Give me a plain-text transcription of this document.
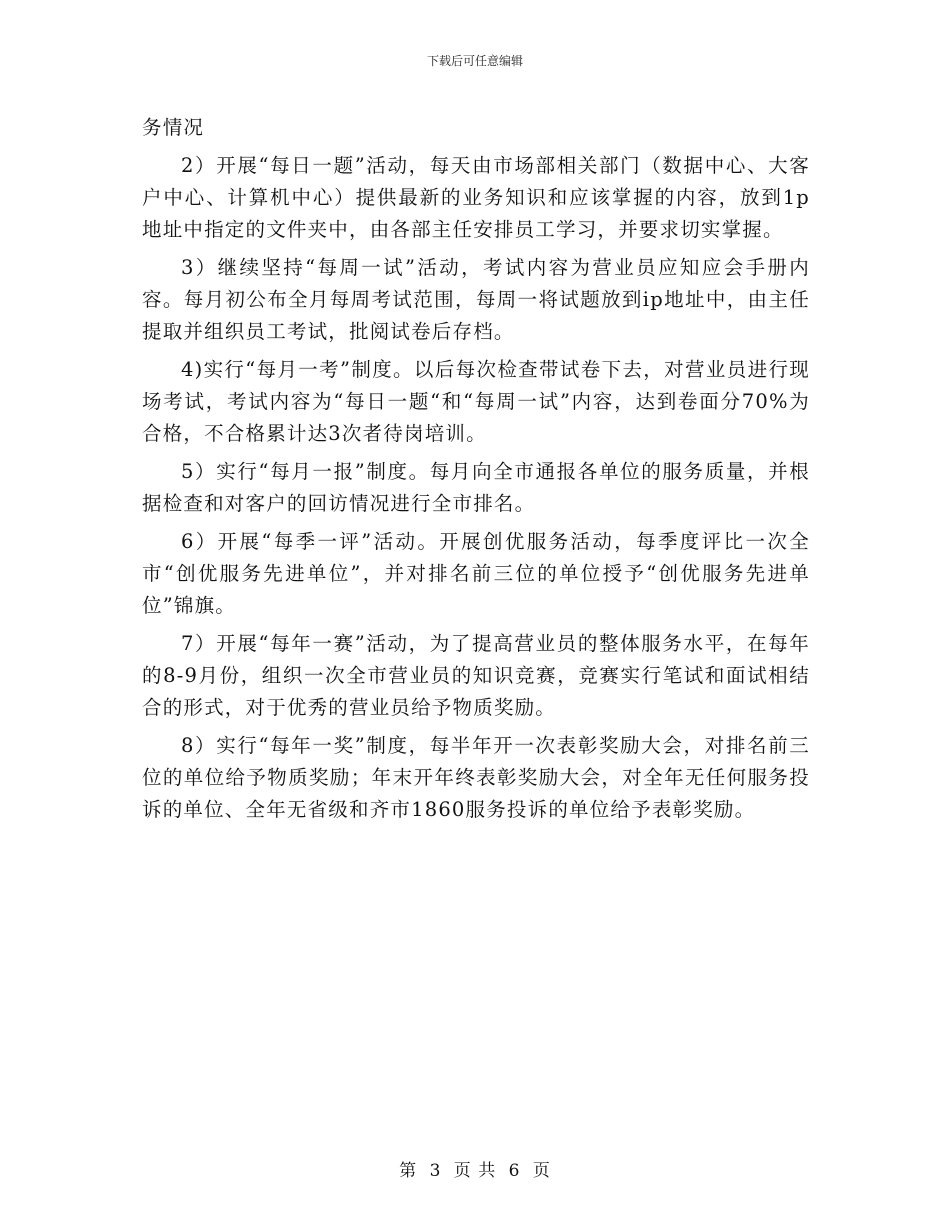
下载后可任意编辑

务情况

2）开展“每日一题”活动，每天由市场部相关部门（数据中心、大客户中心、计算机中心）提供最新的业务知识和应该掌握的内容，放到1p地址中指定的文件夹中，由各部主任安排员工学习，并要求切实掌握。

3）继续坚持“每周一试”活动，考试内容为营业员应知应会手册内容。每月初公布全月每周考试范围，每周一将试题放到ip地址中，由主任提取并组织员工考试，批阅试卷后存档。

4)实行“每月一考”制度。以后每次检查带试卷下去，对营业员进行现场考试，考试内容为“每日一题“和“每周一试”内容，达到卷面分70%为合格，不合格累计达3次者待岗培训。

5）实行“每月一报”制度。每月向全市通报各单位的服务质量，并根据检查和对客户的回访情况进行全市排名。

6）开展“每季一评”活动。开展创优服务活动，每季度评比一次全市“创优服务先进单位”，并对排名前三位的单位授予“创优服务先进单位”锦旗。

7）开展“每年一赛”活动，为了提高营业员的整体服务水平，在每年的8-9月份，组织一次全市营业员的知识竞赛，竞赛实行笔试和面试相结合的形式，对于优秀的营业员给予物质奖励。

8）实行“每年一奖”制度，每半年开一次表彰奖励大会，对排名前三位的单位给予物质奖励；年末开年终表彰奖励大会，对全年无任何服务投诉的单位、全年无省级和齐市1860服务投诉的单位给予表彰奖励。

第 3 页 共 6 页
